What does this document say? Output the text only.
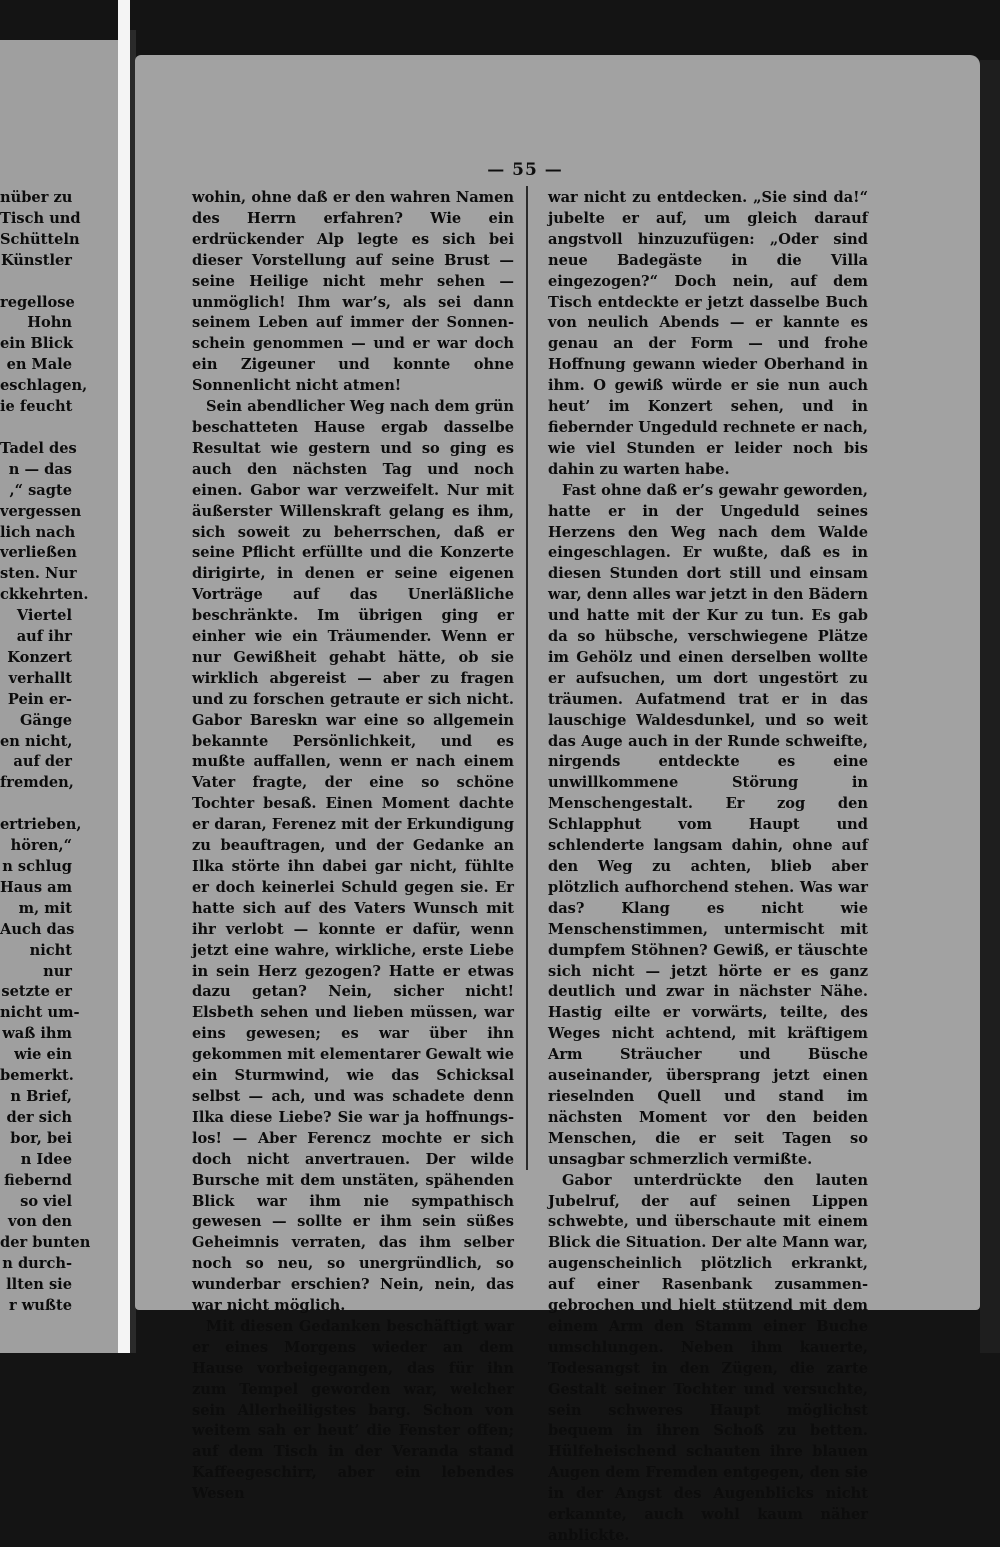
nüber zu
Tisch und
Schütteln
Künstler

regellose
Hohn
ein Blick
en Male
eschlagen,
ie feucht

Tadel des
n — das
,“ sagte
vergessen
lich nach
verließen
sten. Nur
ckkehrten.
Viertel
auf ihr
Konzert
verhallt
Pein er-
Gänge
en nicht,
auf der
fremden,

ertrieben,
hören,“
n schlug
Haus am
m, mit
Auch das
nicht
nur
setzte er
nicht um-
waß ihm
wie ein
bemerkt.
n Brief,
der sich
bor, bei
n Idee
fiebernd
so viel
von den
der bunten
n durch-
llten sie
r wußte
— 55 —

wohin, ohne daß er den wahren Namen des Herrn erfahren? Wie ein erdrückender Alp legte es sich bei dieser Vorstellung auf seine Brust — seine Heilige nicht mehr sehen — unmöglich! Ihm war’s, als sei dann seinem Leben auf immer der Sonnenschein genommen — und er war doch ein Zigeuner und konnte ohne Sonnenlicht nicht atmen!

Sein abendlicher Weg nach dem grün beschatteten Hause ergab dasselbe Resultat wie gestern und so ging es auch den nächsten Tag und noch einen. Gabor war verzweifelt. Nur mit äußerster Willenskraft gelang es ihm, sich soweit zu beherrschen, daß er seine Pflicht erfüllte und die Konzerte dirigirte, in denen er seine eigenen Vorträge auf das Unerläßliche beschränkte. Im übrigen ging er einher wie ein Träumender. Wenn er nur Gewißheit gehabt hätte, ob sie wirklich abgereist — aber zu fragen und zu forschen getraute er sich nicht. Gabor Bareskn war eine so allgemein bekannte Persönlichkeit, und es mußte auffallen, wenn er nach einem Vater fragte, der eine so schöne Tochter besaß. Einen Moment dachte er daran, Ferenez mit der Erkundigung zu beauftragen, und der Gedanke an Ilka störte ihn dabei gar nicht, fühlte er doch keinerlei Schuld gegen sie. Er hatte sich auf des Vaters Wunsch mit ihr verlobt — konnte er dafür, wenn jetzt eine wahre, wirkliche, erste Liebe in sein Herz gezogen? Hatte er etwas dazu getan? Nein, sicher nicht! Elsbeth sehen und lieben müssen, war eins gewesen; es war über ihn gekommen mit elementarer Gewalt wie ein Sturmwind, wie das Schicksal selbst — ach, und was schadete denn Ilka diese Liebe? Sie war ja hoffnungslos! — Aber Ferencz mochte er sich doch nicht anvertrauen. Der wilde Bursche mit dem unstäten, spähenden Blick war ihm nie sympathisch gewesen — sollte er ihm sein süßes Geheimnis verraten, das ihm selber noch so neu, so unergründlich, so wunderbar erschien? Nein, nein, das war nicht möglich.

Mit diesen Gedanken beschäftigt war er eines Morgens wieder an dem Hause vorbeigegangen, das für ihn zum Tempel geworden war, welcher sein Allerheiligstes barg. Schon von weitem sah er heut’ die Fenster offen; auf dem Tisch in der Veranda stand Kaffeegeschirr, aber ein lebendes Wesen

war nicht zu entdecken. „Sie sind da!“ jubelte er auf, um gleich darauf angstvoll hinzuzufügen: „Oder sind neue Badegäste in die Villa eingezogen?“ Doch nein, auf dem Tisch entdeckte er jetzt dasselbe Buch von neulich Abends — er kannte es genau an der Form — und frohe Hoffnung gewann wieder Oberhand in ihm. O gewiß würde er sie nun auch heut’ im Konzert sehen, und in fiebernder Ungeduld rechnete er nach, wie viel Stunden er leider noch bis dahin zu warten habe.

Fast ohne daß er’s gewahr geworden, hatte er in der Ungeduld seines Herzens den Weg nach dem Walde eingeschlagen. Er wußte, daß es in diesen Stunden dort still und einsam war, denn alles war jetzt in den Bädern und hatte mit der Kur zu tun. Es gab da so hübsche, verschwiegene Plätze im Gehölz und einen derselben wollte er aufsuchen, um dort ungestört zu träumen. Aufatmend trat er in das lauschige Waldesdunkel, und so weit das Auge auch in der Runde schweifte, nirgends entdeckte es eine unwillkommene Störung in Menschengestalt. Er zog den Schlapphut vom Haupt und schlenderte langsam dahin, ohne auf den Weg zu achten, blieb aber plötzlich aufhorchend stehen. Was war das? Klang es nicht wie Menschenstimmen, untermischt mit dumpfem Stöhnen? Gewiß, er täuschte sich nicht — jetzt hörte er es ganz deutlich und zwar in nächster Nähe. Hastig eilte er vorwärts, teilte, des Weges nicht achtend, mit kräftigem Arm Sträucher und Büsche auseinander, übersprang jetzt einen rieselnden Quell und stand im nächsten Moment vor den beiden Menschen, die er seit Tagen so unsagbar schmerzlich vermißte.

Gabor unterdrückte den lauten Jubelruf, der auf seinen Lippen schwebte, und überschaute mit einem Blick die Situation. Der alte Mann war, augenscheinlich plötzlich erkrankt, auf einer Rasenbank zusammengebrochen und hielt stützend mit dem einem Arm den Stamm einer Buche umschlungen. Neben ihm kauerte, Todesangst in den Zügen, die zarte Gestalt seiner Tochter und versuchte, sein schweres Haupt möglichst bequem in ihren Schoß zu betten. Hülfeheischend schauten ihre blauen Augen dem Fremden entgegen, den sie in der Angst des Augenblicks nicht erkannte, auch wohl kaum näher anblickte.
